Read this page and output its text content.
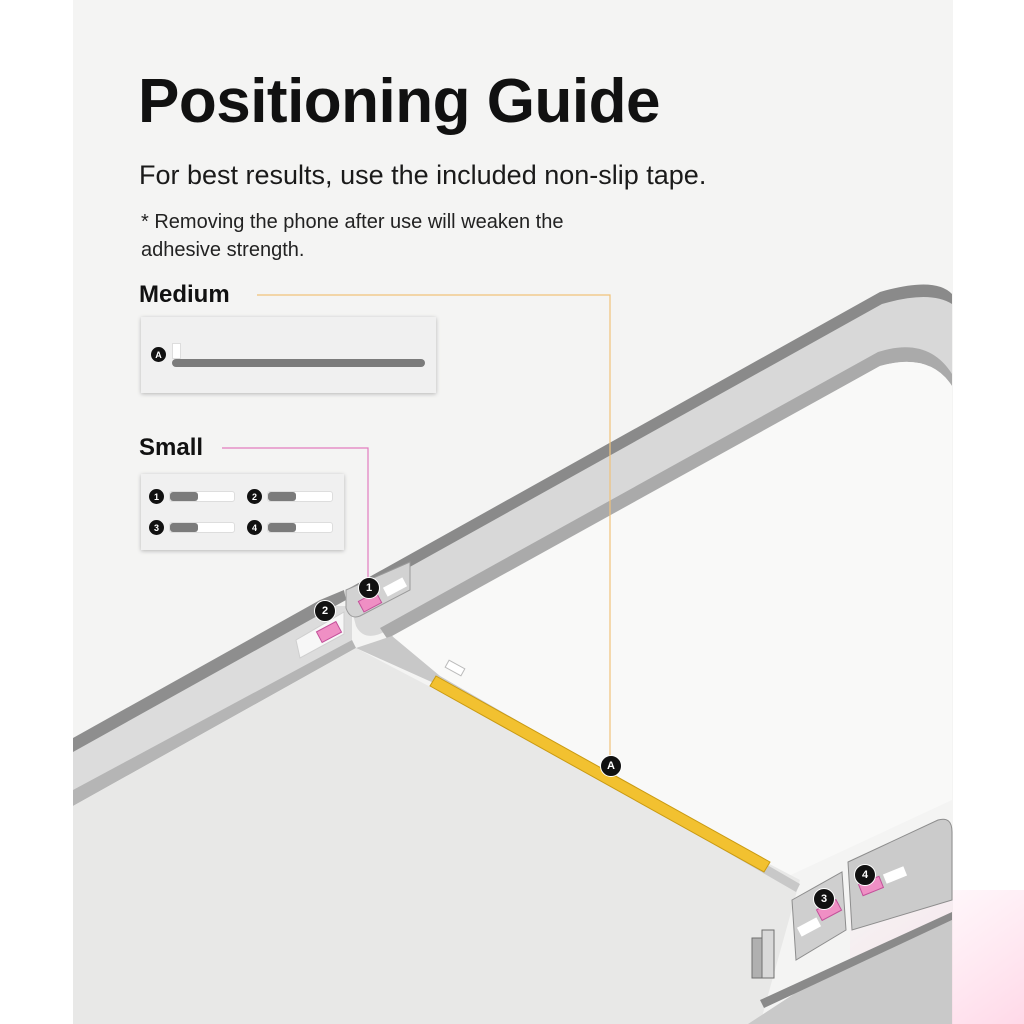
Positioning Guide

For best results, use the included non-slip tape.

* Removing the phone after use will weaken the adhesive strength.

Medium
A
Small
1	2
3	4
1
2
A
3
4
